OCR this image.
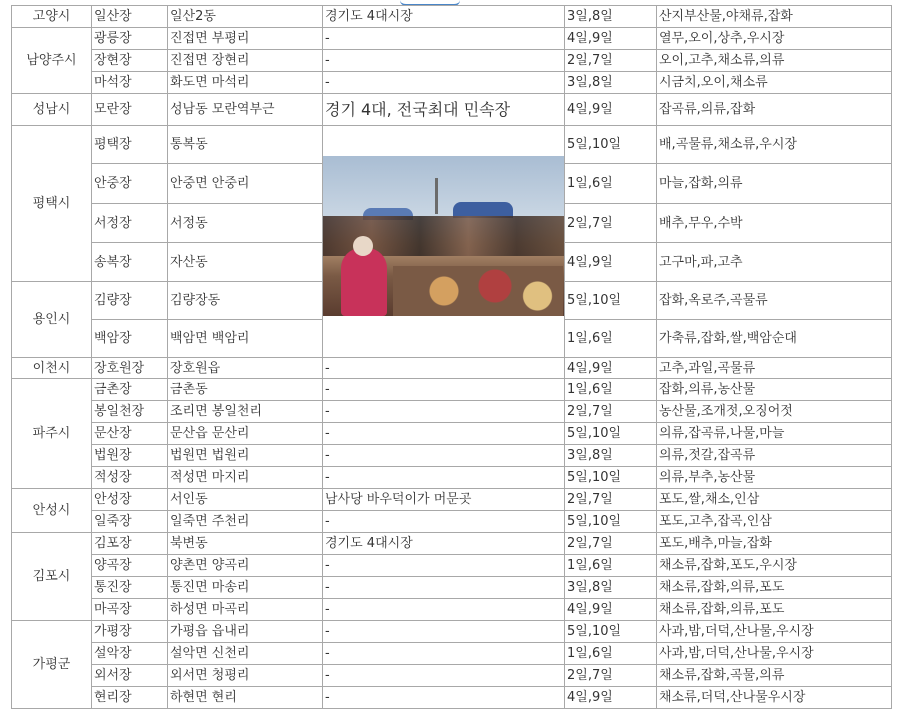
고양시	일산장	일산2동	경기도 4대시장	3일,8일	산지부산물,야채류,잡화
남양주시	광릉장	진접면 부평리	-	4일,9일	열무,오이,상추,우시장
	장현장	진접면 장현리	-	2일,7일	오이,고추,채소류,의류
	마석장	화도면 마석리	-	3일,8일	시금치,오이,채소류
성남시	모란장	성남동 모란역부근	경기 4대, 전국최대 민속장	4일,9일	잡곡류,의류,잡화
평택시	평택장	통복동		5일,10일	배,곡물류,채소류,우시장
	안중장	안중면 안중리		1일,6일	마늘,잡화,의류
	서정장	서정동		2일,7일	배추,무우,수박
	송복장	자산동		4일,9일	고구마,파,고추
용인시	김량장	김량장동		5일,10일	잡화,옥로주,곡물류
	백암장	백암면 백암리		1일,6일	가축류,잡화,쌀,백암순대
이천시	장호원장	장호원읍	-	4일,9일	고추,과일,곡물류
파주시	금촌장	금촌동	-	1일,6일	잡화,의류,농산물
	봉일천장	조리면 봉일천리	-	2일,7일	농산물,조개젓,오징어젓
	문산장	문산읍 문산리	-	5일,10일	의류,잡곡류,나물,마늘
	법원장	법원면 법원리	-	3일,8일	의류,젓갈,잡곡류
	적성장	적성면 마지리	-	5일,10일	의류,부추,농산물
안성시	안성장	서인동	남사당 바우덕이가 머문곳	2일,7일	포도,쌀,채소,인삼
	일죽장	일죽면 주천리	-	5일,10일	포도,고추,잡곡,인삼
김포시	김포장	북변동	경기도 4대시장	2일,7일	포도,배추,마늘,잡화
	양곡장	양촌면 양곡리	-	1일,6일	채소류,잡화,포도,우시장
	통진장	통진면 마송리	-	3일,8일	채소류,잡화,의류,포도
	마곡장	하성면 마곡리	-	4일,9일	채소류,잡화,의류,포도
가평군	가평장	가평읍 읍내리	-	5일,10일	사과,밤,더덕,산나물,우시장
	설악장	설악면 신천리	-	1일,6일	사과,밤,더덕,산나물,우시장
	외서장	외서면 청평리	-	2일,7일	채소류,잡화,곡물,의류
	현리장	하현면 현리	-	4일,9일	채소류,더덕,산나물우시장
